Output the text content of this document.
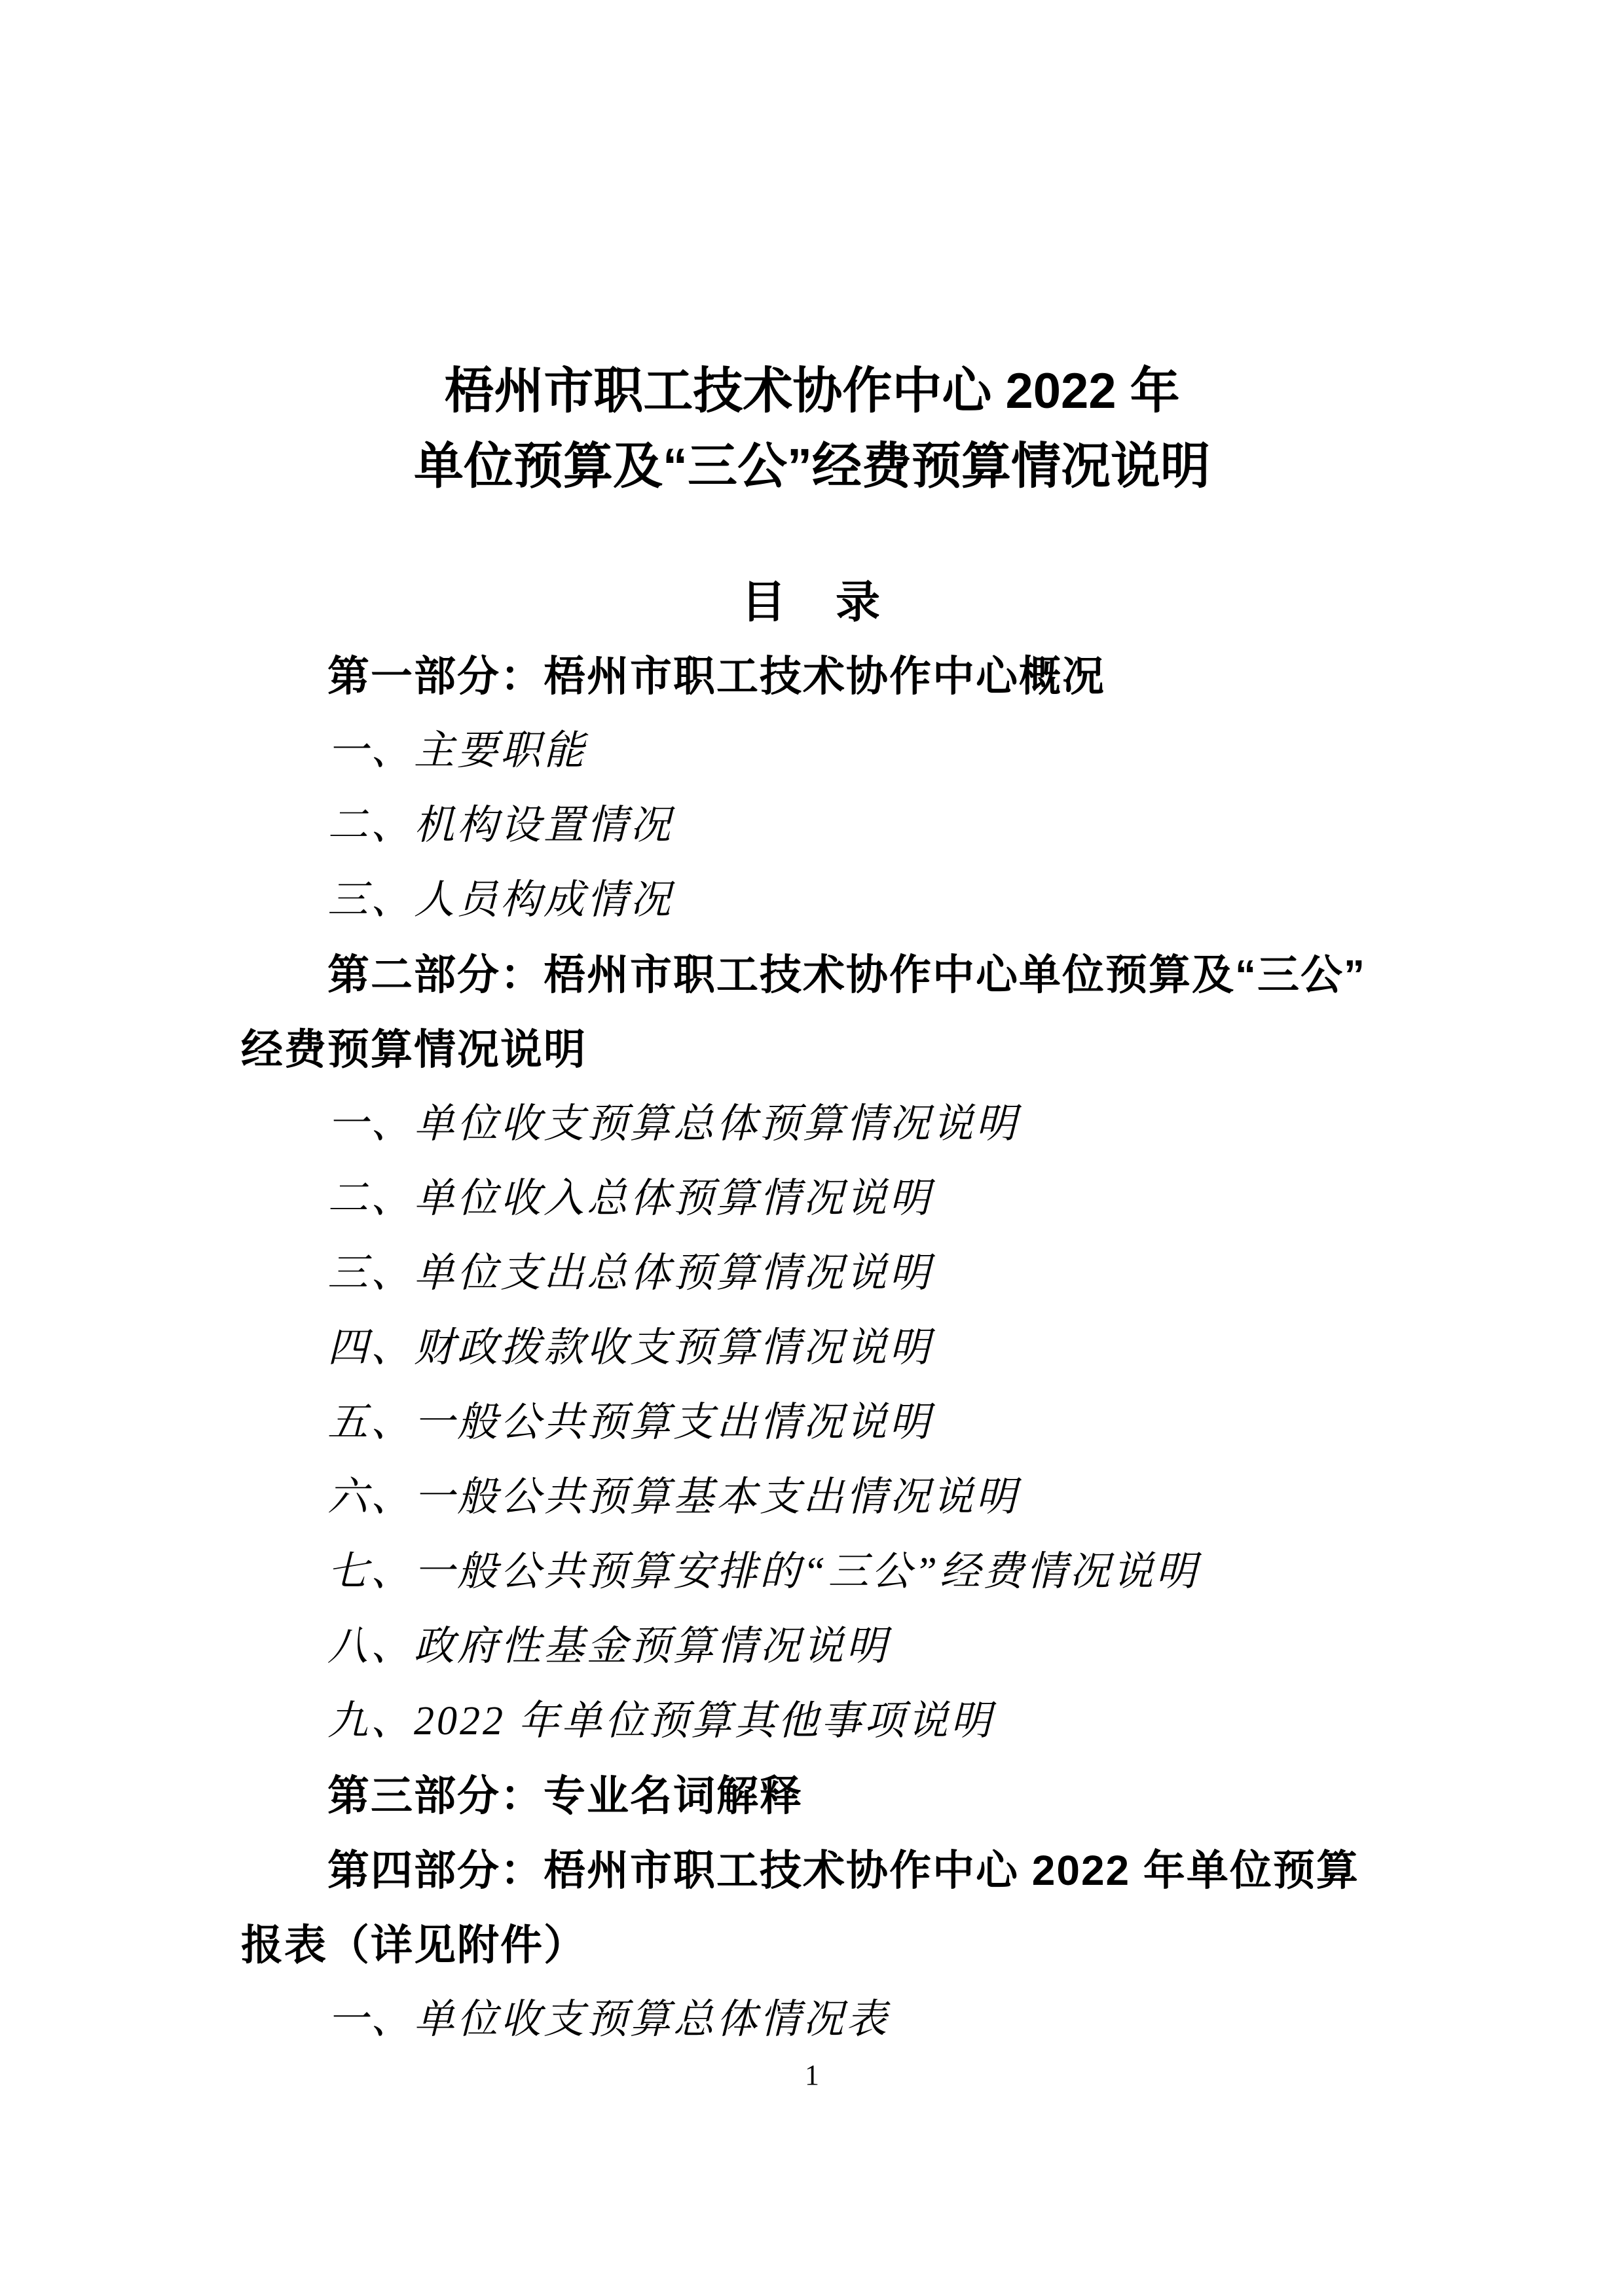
梧州市职工技术协作中心 2022 年

单位预算及“三公”经费预算情况说明

目　录

第一部分：梧州市职工技术协作中心概况

一、主要职能

二、机构设置情况

三、人员构成情况

第二部分：梧州市职工技术协作中心单位预算及“三公”

经费预算情况说明

一、单位收支预算总体预算情况说明

二、单位收入总体预算情况说明

三、单位支出总体预算情况说明

四、财政拨款收支预算情况说明

五、一般公共预算支出情况说明

六、一般公共预算基本支出情况说明

七、一般公共预算安排的“三公”经费情况说明

八、政府性基金预算情况说明

九、2022 年单位预算其他事项说明

第三部分：专业名词解释

第四部分：梧州市职工技术协作中心 2022 年单位预算

报表（详见附件）

一、单位收支预算总体情况表

1
